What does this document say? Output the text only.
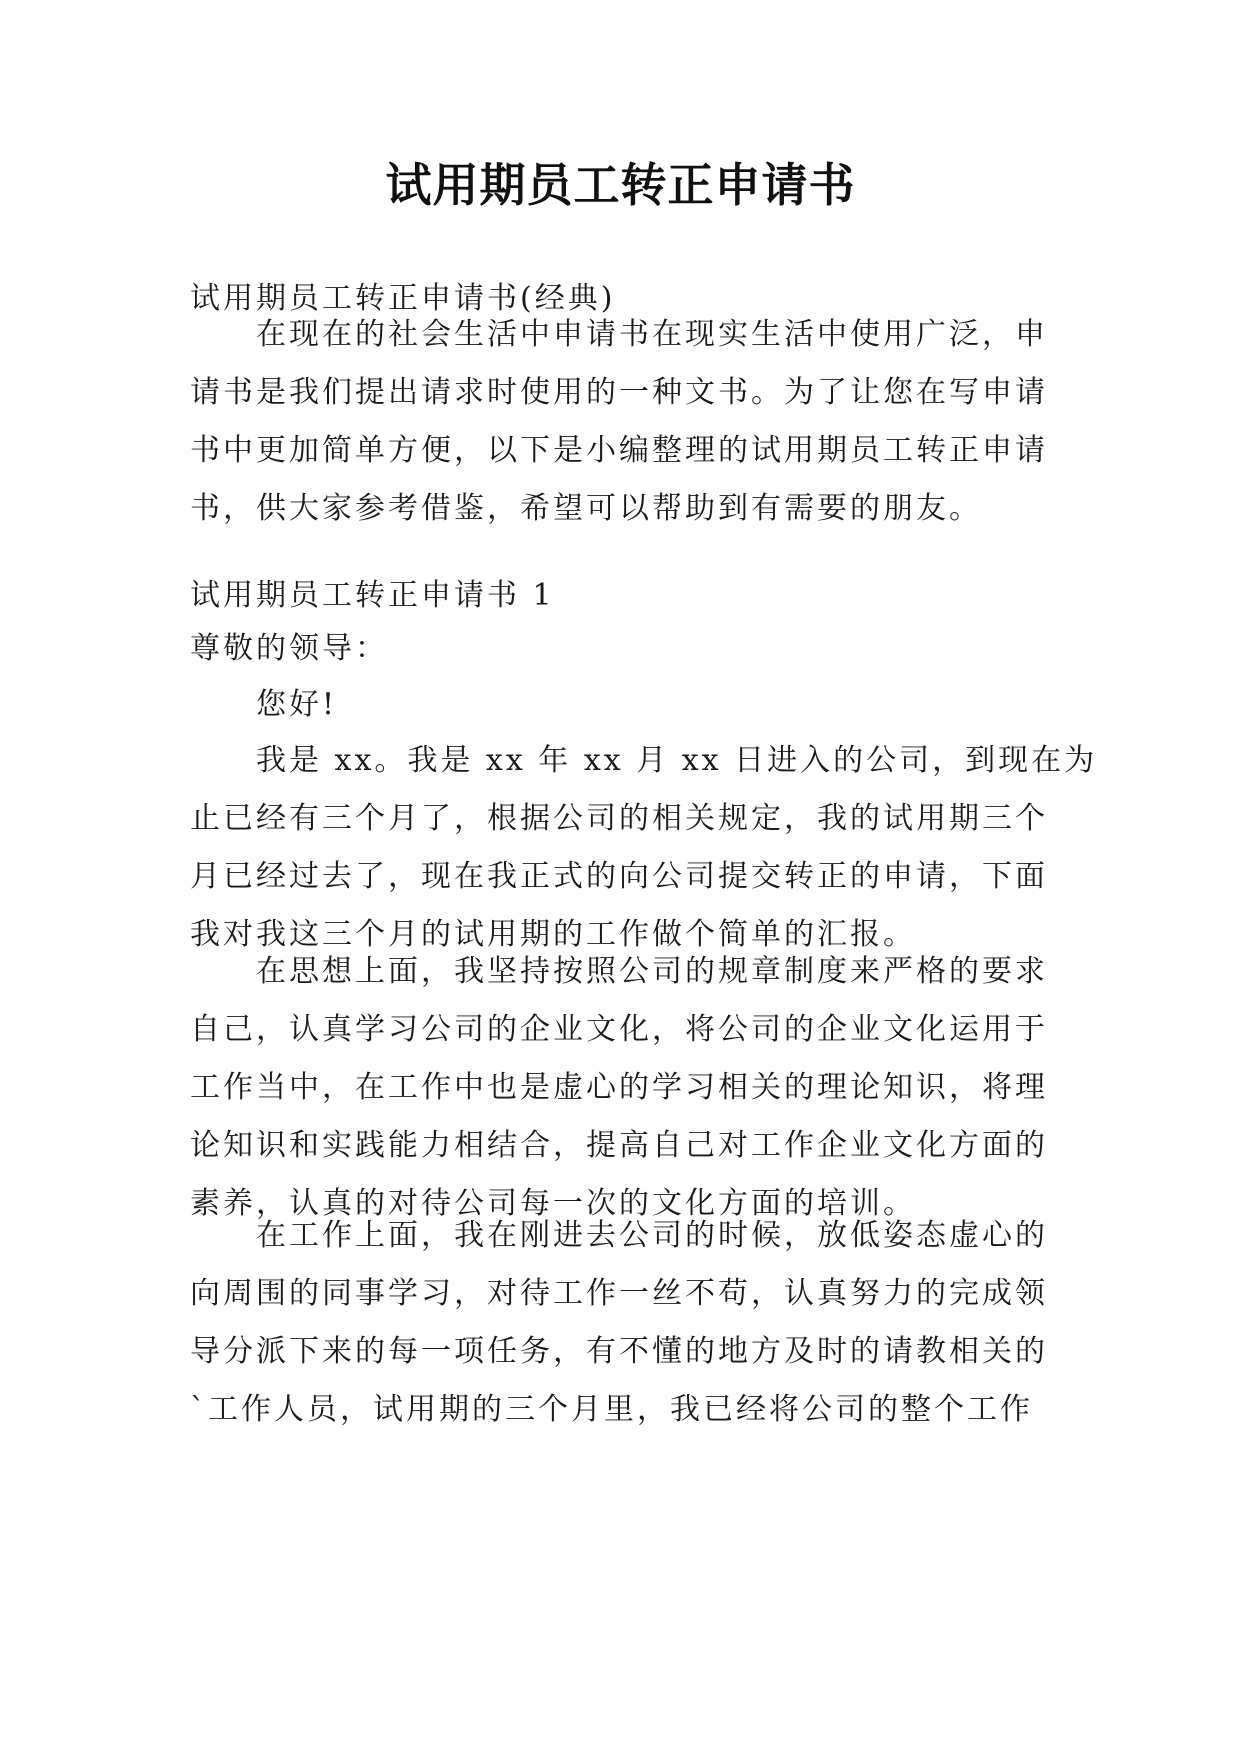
试用期员工转正申请书
试用期员工转正申请书(经典)
在现在的社会生活中申请书在现实生活中使用广泛，申
请书是我们提出请求时使用的一种文书。为了让您在写申请
书中更加简单方便，以下是小编整理的试用期员工转正申请
书，供大家参考借鉴，希望可以帮助到有需要的朋友。
试用期员工转正申请书 1
尊敬的领导：
您好!
我是 xx。我是 xx 年 xx 月 xx 日进入的公司，到现在为
止已经有三个月了，根据公司的相关规定，我的试用期三个
月已经过去了，现在我正式的向公司提交转正的申请，下面
我对我这三个月的试用期的工作做个简单的汇报。
在思想上面，我坚持按照公司的规章制度来严格的要求
自己，认真学习公司的企业文化，将公司的企业文化运用于
工作当中，在工作中也是虚心的学习相关的理论知识，将理
论知识和实践能力相结合，提高自己对工作企业文化方面的
素养，认真的对待公司每一次的文化方面的培训。
在工作上面，我在刚进去公司的时候，放低姿态虚心的
向周围的同事学习，对待工作一丝不苟，认真努力的完成领
导分派下来的每一项任务，有不懂的地方及时的请教相关的
`工作人员，试用期的三个月里，我已经将公司的整个工作
